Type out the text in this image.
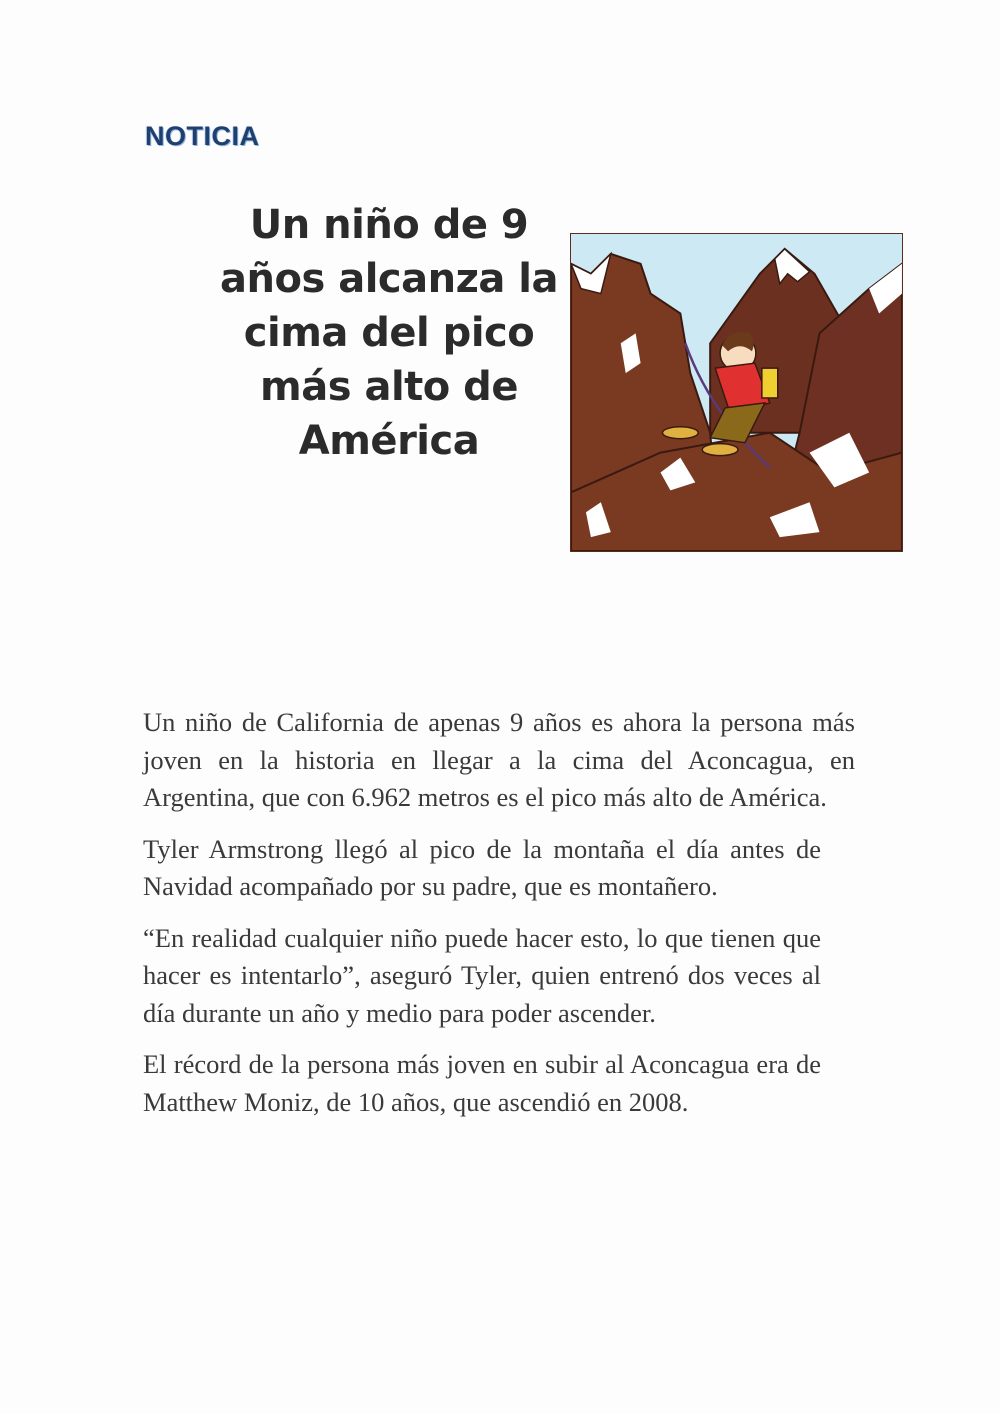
NOTICIA
Un niño de 9 años alcanza la cima del pico más alto de América

Un niño de California de apenas 9 años es ahora la persona más joven en la historia en llegar a la cima del Aconcagua, en Argentina, que con 6.962 metros es el pico más alto de América.

Tyler Armstrong llegó al pico de la montaña el día antes de Navidad acompañado por su padre, que es montañero.

“En realidad cualquier niño puede hacer esto, lo que tienen que hacer es intentarlo”, aseguró Tyler, quien entrenó dos veces al día durante un año y medio para poder ascender.

El récord de la persona más joven en subir al Aconcagua era de Matthew Moniz, de 10 años, que ascendió en 2008.
